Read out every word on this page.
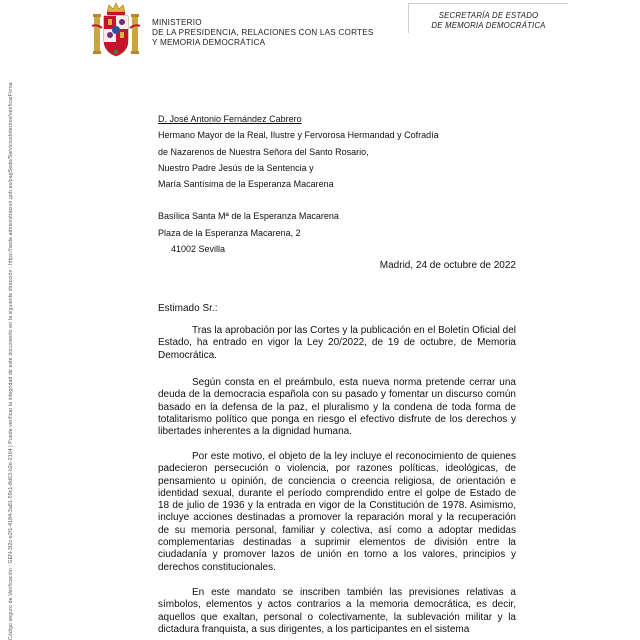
Código seguro de Verificación : GEN-3f2c-e2f1-4184-3a81-59c1-8d63-b2e-2164 | Puede verificar la integridad de este documento en la siguiente dirección : https://sede.administracion.gob.es/pagSede/ServiciosInternos/verificarFirma
MINISTERIO
DE LA PRESIDENCIA, RELACIONES CON LAS CORTES
Y MEMORIA DEMOCRÁTICA
SECRETARÍA DE ESTADO
DE MEMORIA DEMOCRÁTICA
D. José Antonio Fernández Cabrero
Hermano Mayor de la Real, Ilustre y Fervorosa Hermandad y Cofradía
de Nazarenos de Nuestra Señora del Santo Rosario,
Nuestro Padre Jesús de la Sentencia y
María Santísima de la Esperanza Macarena
Basílica Santa Mª de la Esperanza Macarena
Plaza de la Esperanza Macarena, 2
41002 Sevilla
Madrid, 24 de octubre de 2022
Estimado Sr.:
Tras la aprobación por las Cortes y la publicación en el Boletín Oficial del Estado, ha entrado en vigor la Ley 20/2022, de 19 de octubre, de Memoria Democrática.
Según consta en el preámbulo, esta nueva norma pretende cerrar una deuda de la democracia española con su pasado y fomentar un discurso común basado en la defensa de la paz, el pluralismo y la condena de toda forma de totalitarismo político que ponga en riesgo el efectivo disfrute de los derechos y libertades inherentes a la dignidad humana.
Por este motivo, el objeto de la ley incluye el reconocimiento de quienes padecieron persecución o violencia, por razones políticas, ideológicas, de pensamiento u opinión, de conciencia o creencia religiosa, de orientación e identidad sexual, durante el período comprendido entre el golpe de Estado de 18 de julio de 1936 y la entrada en vigor de la Constitución de 1978. Asimismo, incluye acciones destinadas a promover la reparación moral y la recuperación de su memoria personal, familiar y colectiva, así como a adoptar medidas complementarias destinadas a suprimir elementos de división entre la ciudadanía y promover lazos de unión en torno a los valores, principios y derechos constitucionales.
En este mandato se inscriben también las previsiones relativas a símbolos, elementos y actos contrarios a la memoria democrática, es decir, aquellos que exaltan, personal o colectivamente, la sublevación militar y la dictadura franquista, a sus dirigentes, a los participantes en el sistema
